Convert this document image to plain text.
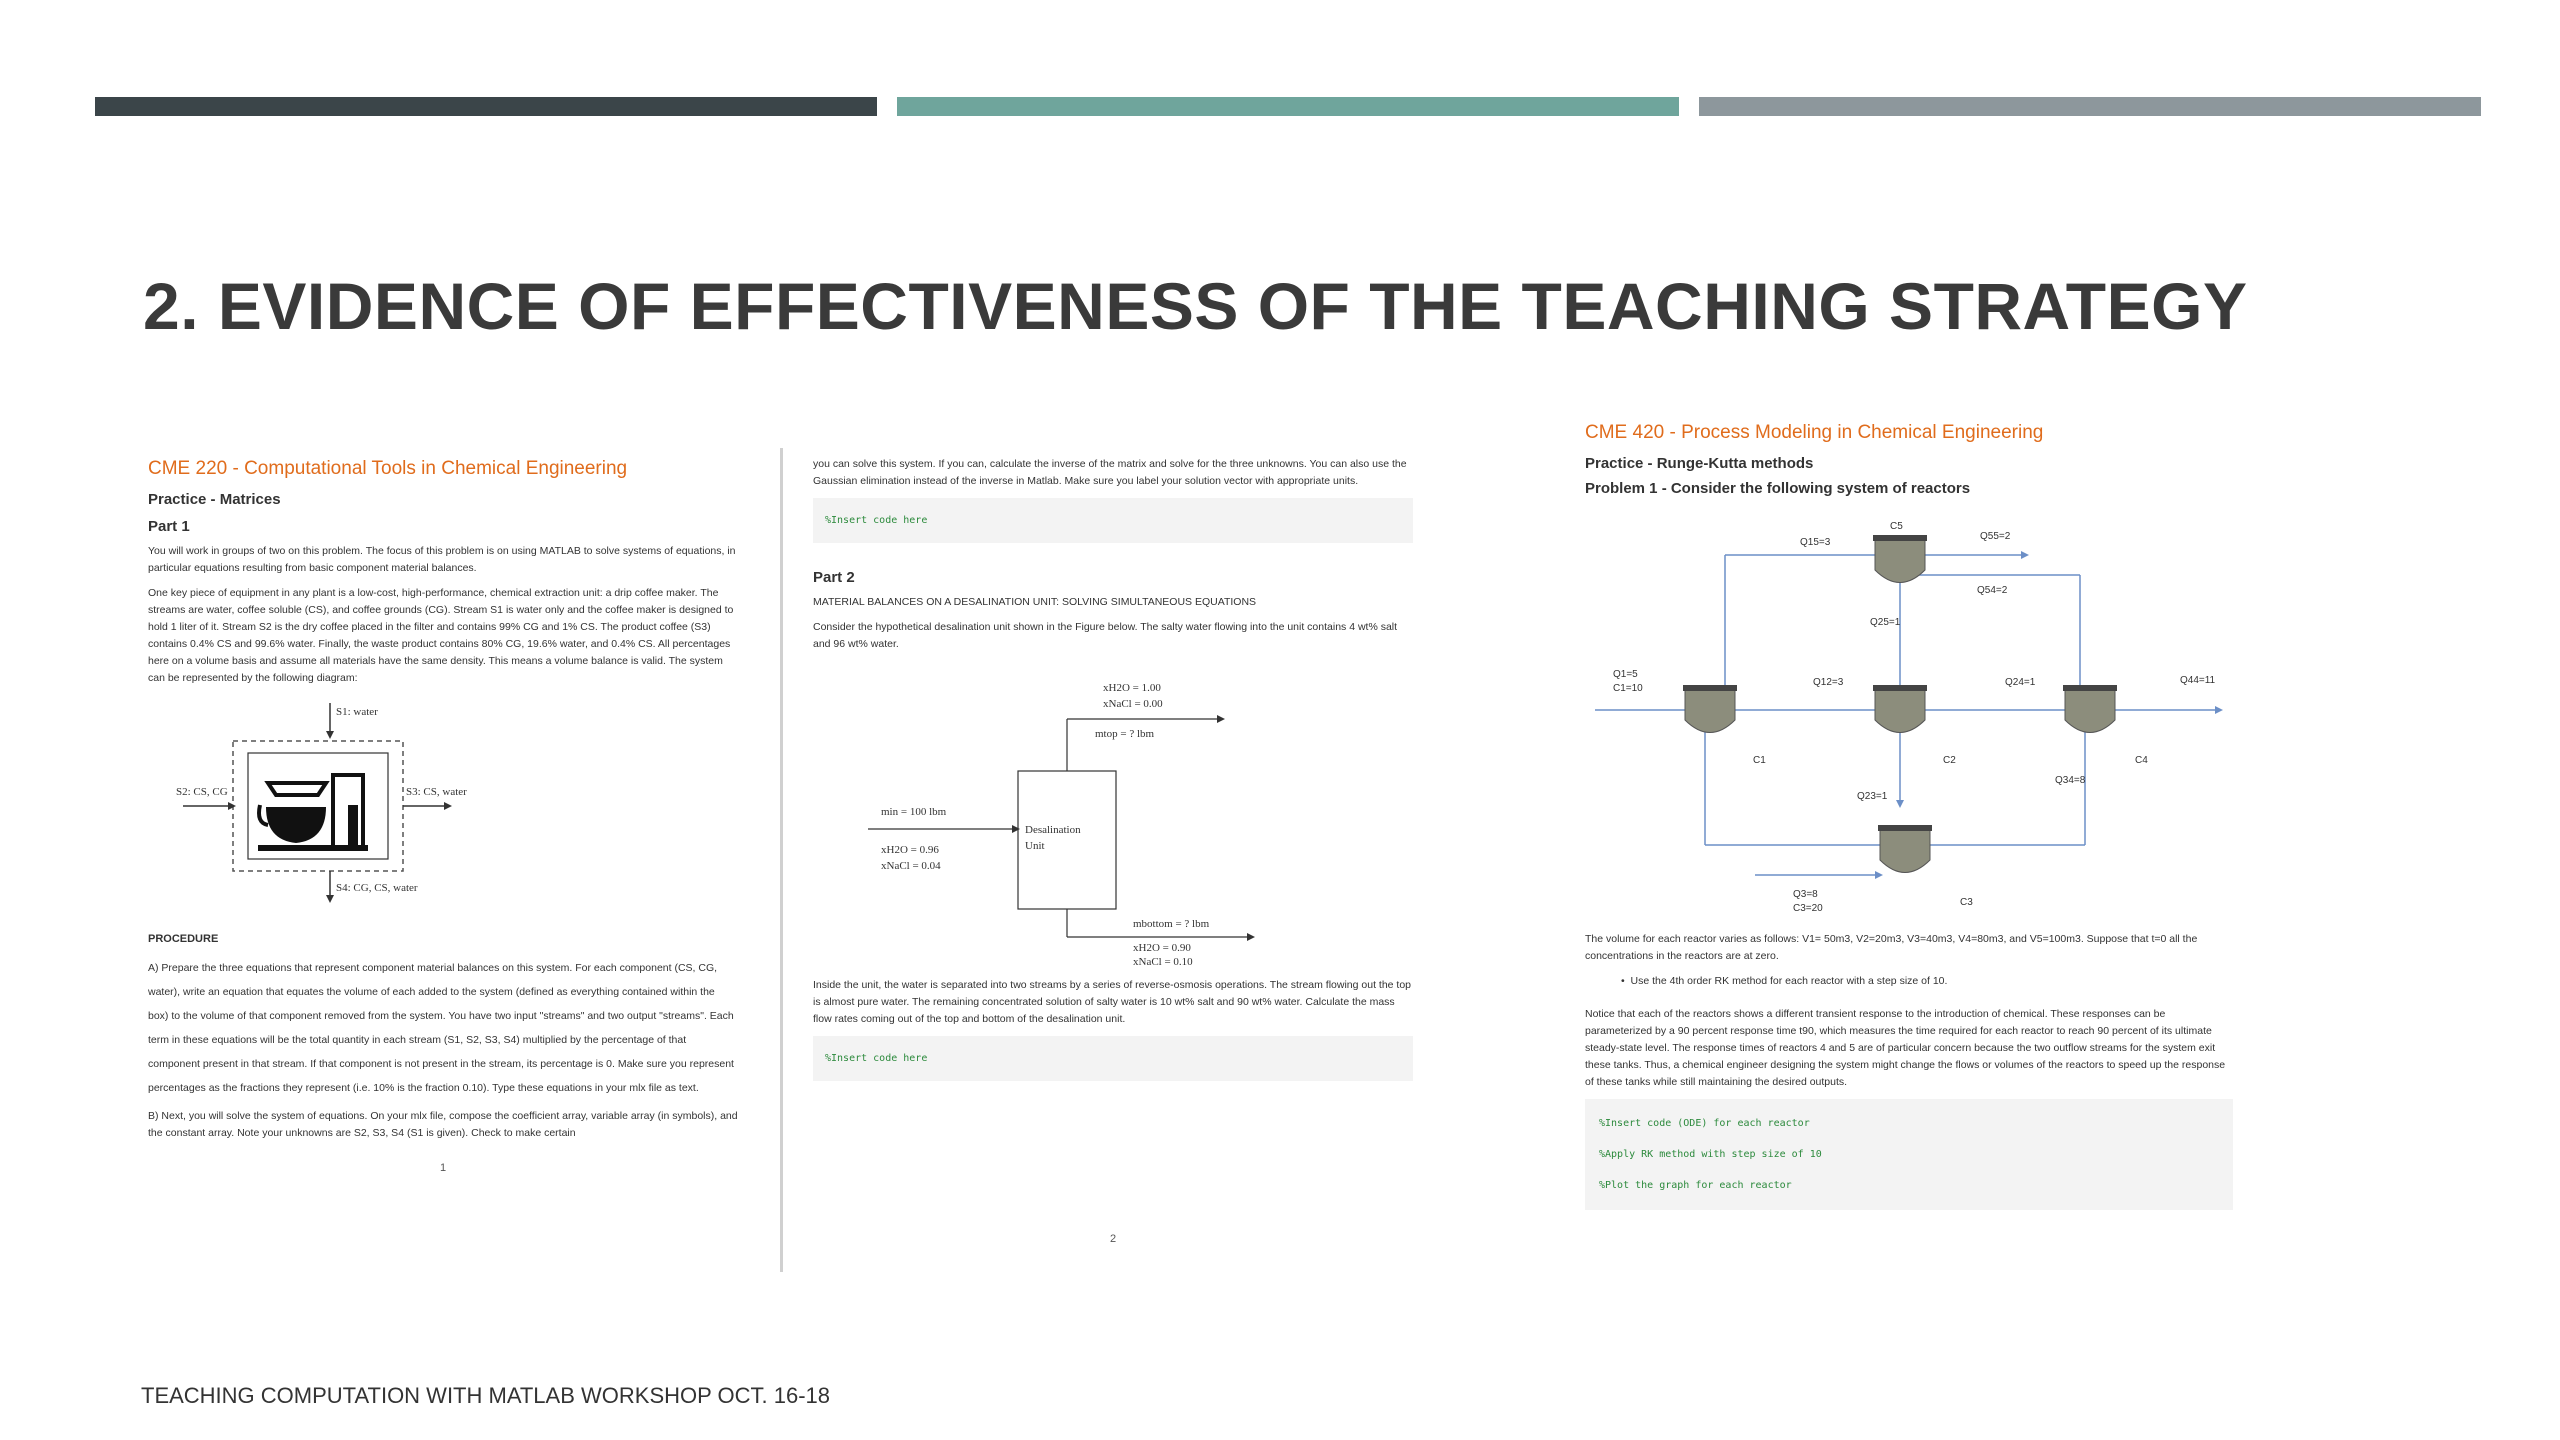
2. EVIDENCE OF EFFECTIVENESS OF THE TEACHING STRATEGY
CME 220 - Computational Tools in Chemical Engineering
Practice - Matrices
Part 1

You will work in groups of two on this problem. The focus of this problem is on using MATLAB to solve systems of equations, in particular equations resulting from basic component material balances.

One key piece of equipment in any plant is a low-cost, high-performance, chemical extraction unit: a drip coffee maker. The streams are water, coffee soluble (CS), and coffee grounds (CG). Stream S1 is water only and the coffee maker is designed to hold 1 liter of it. Stream S2 is the dry coffee placed in the filter and contains 99% CG and 1% CS. The product coffee (S3) contains 0.4% CS and 99.6% water. Finally, the waste product contains 80% CG, 19.6% water, and 0.4% CS. All percentages here on a volume basis and assume all materials have the same density. This means a volume balance is valid. The system can be represented by the following diagram:

S1: water
S2: CS, CG	S3: CS, water
S4: CG, CS, water
PROCEDURE

A) Prepare the three equations that represent component material balances on this system. For each component (CS, CG, water), write an equation that equates the volume of each added to the system (defined as everything contained within the box) to the volume of that component removed from the system. You have two input "streams" and two output "streams". Each term in these equations will be the total quantity in each stream (S1, S2, S3, S4) multiplied by the percentage of that component present in that stream. If that component is not present in the stream, its percentage is 0. Make sure you represent percentages as the fractions they represent (i.e. 10% is the fraction 0.10). Type these equations in your mlx file as text.

B) Next, you will solve the system of equations. On your mlx file, compose the coefficient array, variable array (in symbols), and the constant array. Note your unknowns are S2, S3, S4 (S1 is given). Check to make certain

1

you can solve this system. If you can, calculate the inverse of the matrix and solve for the three unknowns. You can also use the Gaussian elimination instead of the inverse in Matlab. Make sure you label your solution vector with appropriate units.

%Insert code here
Part 2

MATERIAL BALANCES ON A DESALINATION UNIT: SOLVING SIMULTANEOUS EQUATIONS

Consider the hypothetical desalination unit shown in the Figure below. The salty water flowing into the unit contains 4 wt% salt and 96 wt% water.

xH2O = 1.00
xNaCl = 0.00
mtop = ? lbm
Desalination
Unit
min = 100 lbm
xH2O = 0.96
xNaCl = 0.04
mbottom = ? lbm
xH2O = 0.90
xNaCl = 0.10

Inside the unit, the water is separated into two streams by a series of reverse-osmosis operations. The stream flowing out the top is almost pure water. The remaining concentrated solution of salty water is 10 wt% salt and 90 wt% water. Calculate the mass flow rates coming out of the top and bottom of the desalination unit.

%Insert code here
2
CME 420 - Process Modeling in Chemical Engineering
Practice - Runge-Kutta methods
Problem 1 - Consider the following system of reactors
C5
Q55=2
Q15=3
Q54=2
Q25=1
Q1=5
C1=10
Q12=3	Q24=1	Q44=11
C1	C2	C4
Q34=8
Q23=1
Q3=8
C3=20
C3

The volume for each reactor varies as follows: V1= 50m3, V2=20m3, V3=40m3, V4=80m3, and V5=100m3. Suppose that t=0 all the concentrations in the reactors are at zero.

•  Use the 4th order RK method for each reactor with a step size of 10.

Notice that each of the reactors shows a different transient response to the introduction of chemical. These responses can be parameterized by a 90 percent response time t90, which measures the time required for each reactor to reach 90 percent of its ultimate steady-state level. The response times of reactors 4 and 5 are of particular concern because the two outflow streams for the system exit these tanks. Thus, a chemical engineer designing the system might change the flows or volumes of the reactors to speed up the response of these tanks while still maintaining the desired outputs.

%Insert code (ODE) for each reactor
%Apply RK method with step size of 10
%Plot the graph for each reactor
TEACHING COMPUTATION WITH MATLAB WORKSHOP OCT. 16-18
